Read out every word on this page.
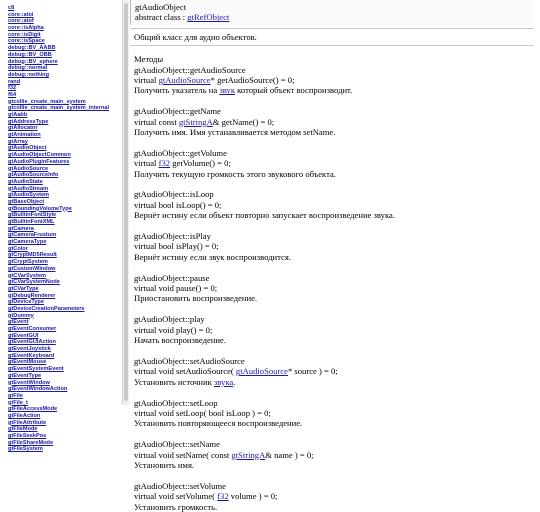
c8
core::atoi
core::atof
core::isAlpha
core::isDigit
core::isSpace
debug::BV_AABB
debug::BV_OBB
debug::BV_sphere
debug::normal
debug::nothing
rand
f32
f64
gtcollie_create_main_system
gtcollie_create_main_system_internal
gtAabb
gtAddressType
gtAllocator
gtAnimation
gtArray
gtAudioObject
gtAudioObjectCommon
gtAudioPluginFeatures
gtAudioSource
gtAudioSourceInfo
gtAudioState
gtAudioStream
gtAudioSystem
gtBaseObject
gtBoundingVolumeType
gtBuiltinFontStyle
gtBuiltinFontXML
gtCamera
gtCameraFrustum
gtCameraType
gtColor
gtCryptMD5Result
gtCryptSystem
gtCustomWindow
gtCVarSystem
gtCVarSystemNode
gtCVarType
gtDebugRenderer
gtDeviceType
gtDeviceCreationParameters
gtDummy
gtEvent
gtEventConsumer
gtEventGUI
gtEventGUIAction
gtEventJoystick
gtEventKeyboard
gtEventMouse
gtEventSystemEvent
gtEventType
gtEventWindow
gtEventWindowAction
gtFile
gtFile_t
gtFileAccessMode
gtFileAction
gtFileAttribute
gtFileMode
gtFileSeekPos
gtFileShareMode
gtFileSystem
gtAudioObject
abstract class : gtRefObject
Общий класс для аудио объектов.
Методы
gtAudioObject::getAudioSource
virtual gtAudioSource* getAudioSource() = 0;
Получить указатель на звук который объект воспроизводит.
gtAudioObject::getName
virtual const gtStringA& getName() = 0;
Получить имя. Имя устанавливается методом setName.
gtAudioObject::getVolume
virtual f32 getVolume() = 0;
Получить текущую громкость этого звукового объекта.
gtAudioObject::isLoop
virtual bool isLoop() = 0;
Вернёт истину если объект повторно запускает воспроизведение звука.
gtAudioObject::isPlay
virtual bool isPlay() = 0;
Вернёт истину если звук воспроизводится.
gtAudioObject::pause
virtual void pause() = 0;
Приостановить воспроизведение.
gtAudioObject::play
virtual void play() = 0;
Начать воспроизведение.
gtAudioObject::setAudioSource
virtual void setAudioSource( gtAudioSource* source ) = 0;
Установить источник звука.
gtAudioObject::setLoop
virtual void setLoop( bool isLoop ) = 0;
Установить повторяющееся воспроизведение.
gtAudioObject::setName
virtual void setName( const gtStringA& name ) = 0;
Установить имя.
gtAudioObject::setVolume
virtual void setVolume( f32 volume ) = 0;
Установить громкость.
